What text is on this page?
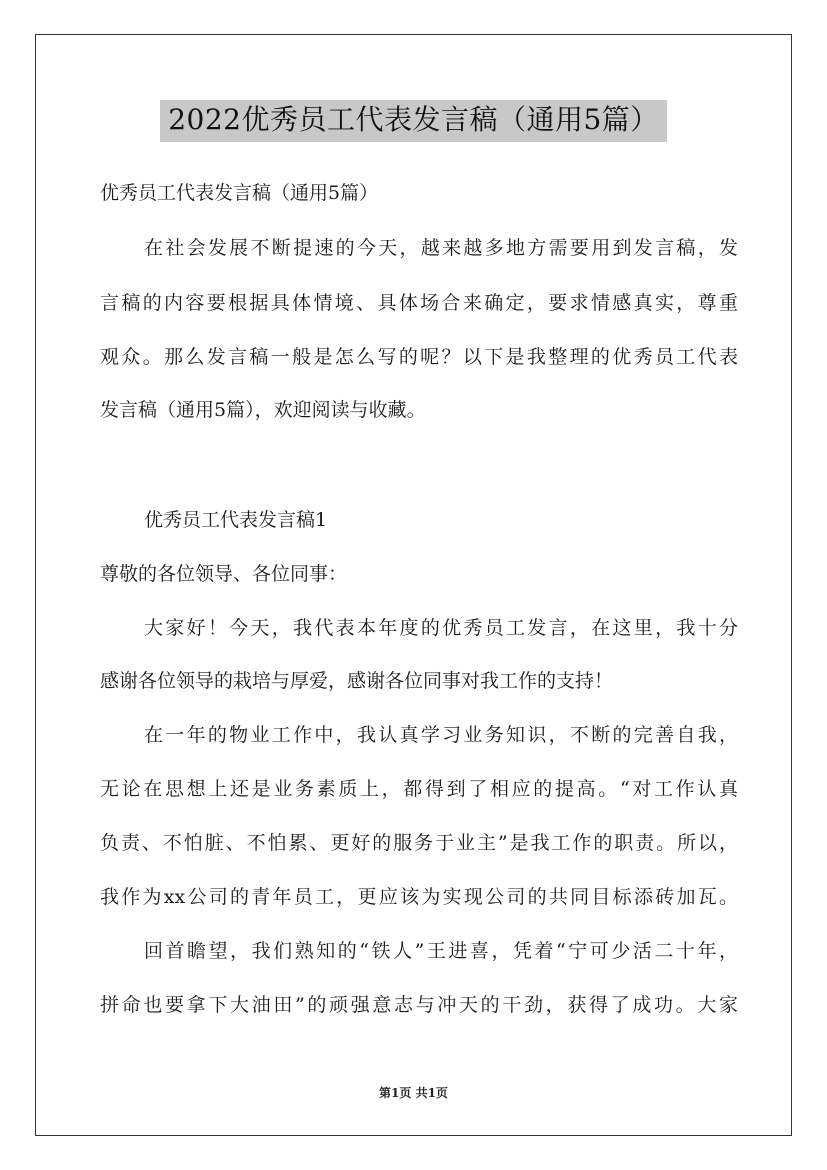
2022优秀员工代表发言稿（通用5篇）
优秀员工代表发言稿（通用5篇）
在社会发展不断提速的今天，越来越多地方需要用到发言稿，发
言稿的内容要根据具体情境、具体场合来确定，要求情感真实，尊重
观众。那么发言稿一般是怎么写的呢？以下是我整理的优秀员工代表
发言稿（通用5篇），欢迎阅读与收藏。
优秀员工代表发言稿1
尊敬的各位领导、各位同事：
大家好！今天，我代表本年度的优秀员工发言，在这里，我十分
感谢各位领导的栽培与厚爱，感谢各位同事对我工作的支持！
在一年的物业工作中，我认真学习业务知识，不断的完善自我，
无论在思想上还是业务素质上，都得到了相应的提高。“对工作认真
负责、不怕脏、不怕累、更好的服务于业主”是我工作的职责。所以，
我作为xx公司的青年员工，更应该为实现公司的共同目标添砖加瓦。
回首瞻望，我们熟知的“铁人”王进喜，凭着“宁可少活二十年，
拼命也要拿下大油田”的顽强意志与冲天的干劲，获得了成功。大家
第1页 共1页
